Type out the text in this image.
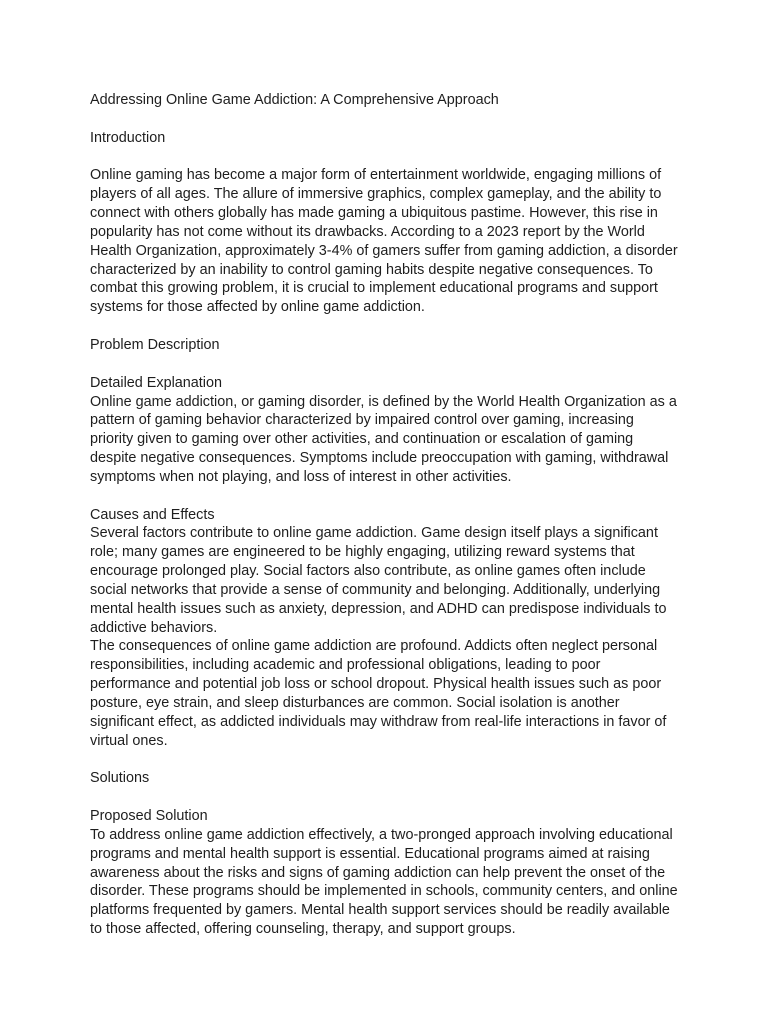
Addressing Online Game Addiction: A Comprehensive Approach

Introduction

Online gaming has become a major form of entertainment worldwide, engaging millions of players of all ages. The allure of immersive graphics, complex gameplay, and the ability to connect with others globally has made gaming a ubiquitous pastime. However, this rise in popularity has not come without its drawbacks. According to a 2023 report by the World Health Organization, approximately 3-4% of gamers suffer from gaming addiction, a disorder characterized by an inability to control gaming habits despite negative consequences. To combat this growing problem, it is crucial to implement educational programs and support systems for those affected by online game addiction.

Problem Description

Detailed Explanation

Online game addiction, or gaming disorder, is defined by the World Health Organization as a pattern of gaming behavior characterized by impaired control over gaming, increasing priority given to gaming over other activities, and continuation or escalation of gaming despite negative consequences. Symptoms include preoccupation with gaming, withdrawal symptoms when not playing, and loss of interest in other activities.

Causes and Effects

Several factors contribute to online game addiction. Game design itself plays a significant role; many games are engineered to be highly engaging, utilizing reward systems that encourage prolonged play. Social factors also contribute, as online games often include social networks that provide a sense of community and belonging. Additionally, underlying mental health issues such as anxiety, depression, and ADHD can predispose individuals to addictive behaviors.

The consequences of online game addiction are profound. Addicts often neglect personal responsibilities, including academic and professional obligations, leading to poor performance and potential job loss or school dropout. Physical health issues such as poor posture, eye strain, and sleep disturbances are common. Social isolation is another significant effect, as addicted individuals may withdraw from real-life interactions in favor of virtual ones.

Solutions

Proposed Solution

To address online game addiction effectively, a two-pronged approach involving educational programs and mental health support is essential. Educational programs aimed at raising awareness about the risks and signs of gaming addiction can help prevent the onset of the disorder. These programs should be implemented in schools, community centers, and online platforms frequented by gamers. Mental health support services should be readily available to those affected, offering counseling, therapy, and support groups.
